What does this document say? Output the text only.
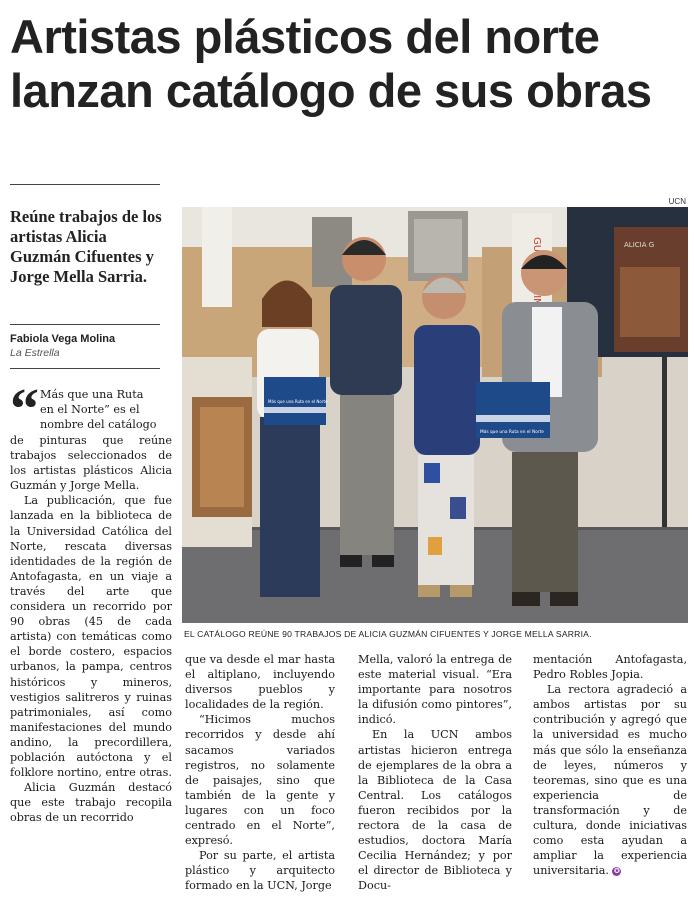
Artistas plásticos del norte lanzan catálogo de sus obras
Reúne trabajos de los artistas Alicia Guzmán Cifuentes y Jorge Mella Sarria.
Fabiola Vega Molina
La Estrella
UCN
ALICIA G
Más que una Ruta en el Norte
Más que una Ruta en el Norte
EL CATÁLOGO REÚNE 90 TRABAJOS DE ALICIA GUZMÁN CIFUENTES Y JORGE MELLA SARRIA.
“ Más que una Ruta
en el Norte” es el
nombre del catálogo

de pinturas que reúne trabajos seleccionados de los artistas plásticos Alicia Guzmán y Jorge Mella.

La publicación, que fue lanzada en la biblioteca de la Universidad Católica del Norte, rescata diversas identidades de la región de Antofagasta, en un viaje a través del arte que considera un recorrido por 90 obras (45 de cada artista) con temáticas como el borde costero, espacios urbanos, la pampa, centros históricos y mineros, vestigios salitreros y ruinas patrimoniales, así como manifestaciones del mundo andino, la precordillera, población autóctona y el folklore nortino, entre otras.

Alicia Guzmán destacó que este trabajo recopila obras de un recorrido

que va desde el mar hasta el altiplano, incluyendo diversos pueblos y localidades de la región.

“Hicimos muchos recorridos y desde ahí sacamos variados registros, no solamente de paisajes, sino que también de la gente y lugares con un foco centrado en el Norte”, expresó.

Por su parte, el artista plástico y arquitecto formado en la UCN, Jorge

Mella, valoró la entrega de este material visual. “Era importante para nosotros la difusión como pintores”, indicó.

En la UCN ambos artistas hicieron entrega de ejemplares de la obra a la Biblioteca de la Casa Central. Los catálogos fueron recibidos por la rectora de la casa de estudios, doctora María Cecilia Hernández; y por el director de Biblioteca y Docu-

mentación Antofagasta, Pedro Robles Jopia.

La rectora agradeció a ambos artistas por su contribución y agregó que la universidad es mucho más que sólo la enseñanza de leyes, números y teoremas, sino que es una experiencia de transformación y de cultura, donde iniciativas como esta ayudan a ampliar la experiencia universitaria. ✪
